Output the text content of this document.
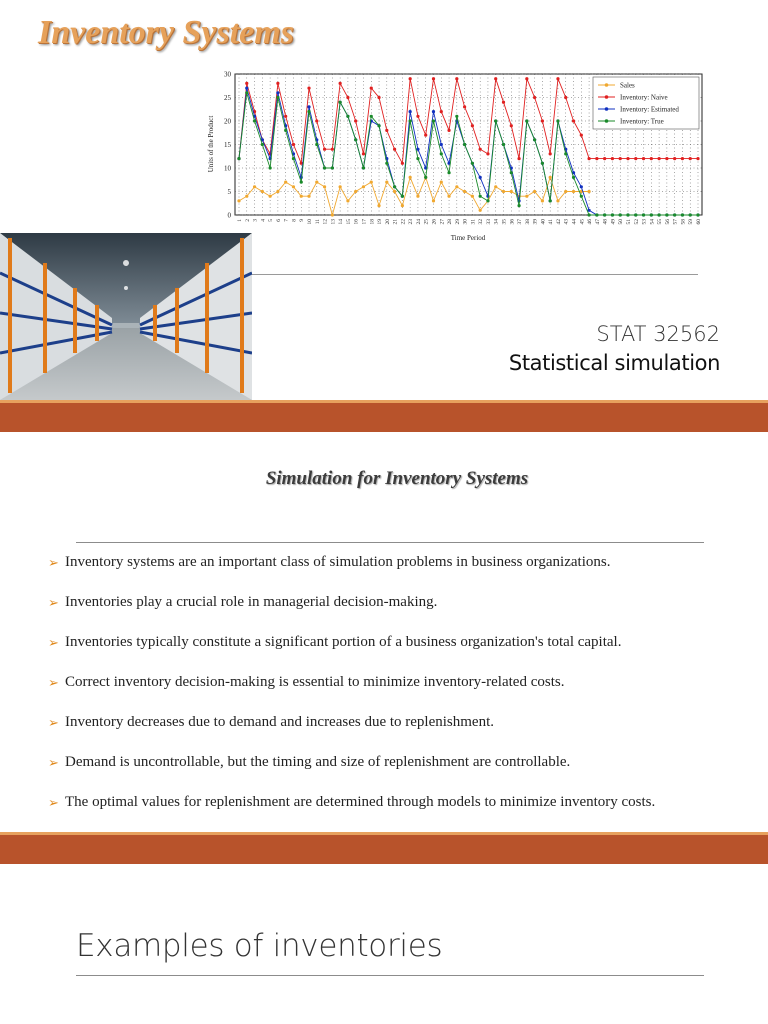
Inventory Systems
0
5
10
15
20
25
30
1 2 3 4 5 6 7 8 9 10 11 12 13 14 15 16 17 18 19 20 21 22 23 24 25 26 27 28 29 30 31 32 33 34 35 36 37 38 39 40 41 42 43 44 45 46 47 48 49 50 51 52 53 54 55 56 57 58 59 60
Units of the Product
Time Period
Sales
Inventory: Naive
Inventory: Estimated
Inventory: True
STAT 32562
Statistical simulation
Simulation for Inventory Systems
➢ Inventory systems are an important class of simulation problems in business organizations.
➢ Inventories play a crucial role in managerial decision-making.
➢ Inventories typically constitute a significant portion of a business organization's total capital.
➢ Correct inventory decision-making is essential to minimize inventory-related costs.
➢ Inventory decreases due to demand and increases due to replenishment.
➢ Demand is uncontrollable, but the timing and size of replenishment are controllable.
➢ The optimal values for replenishment are determined through models to minimize inventory costs.
Examples of inventories
